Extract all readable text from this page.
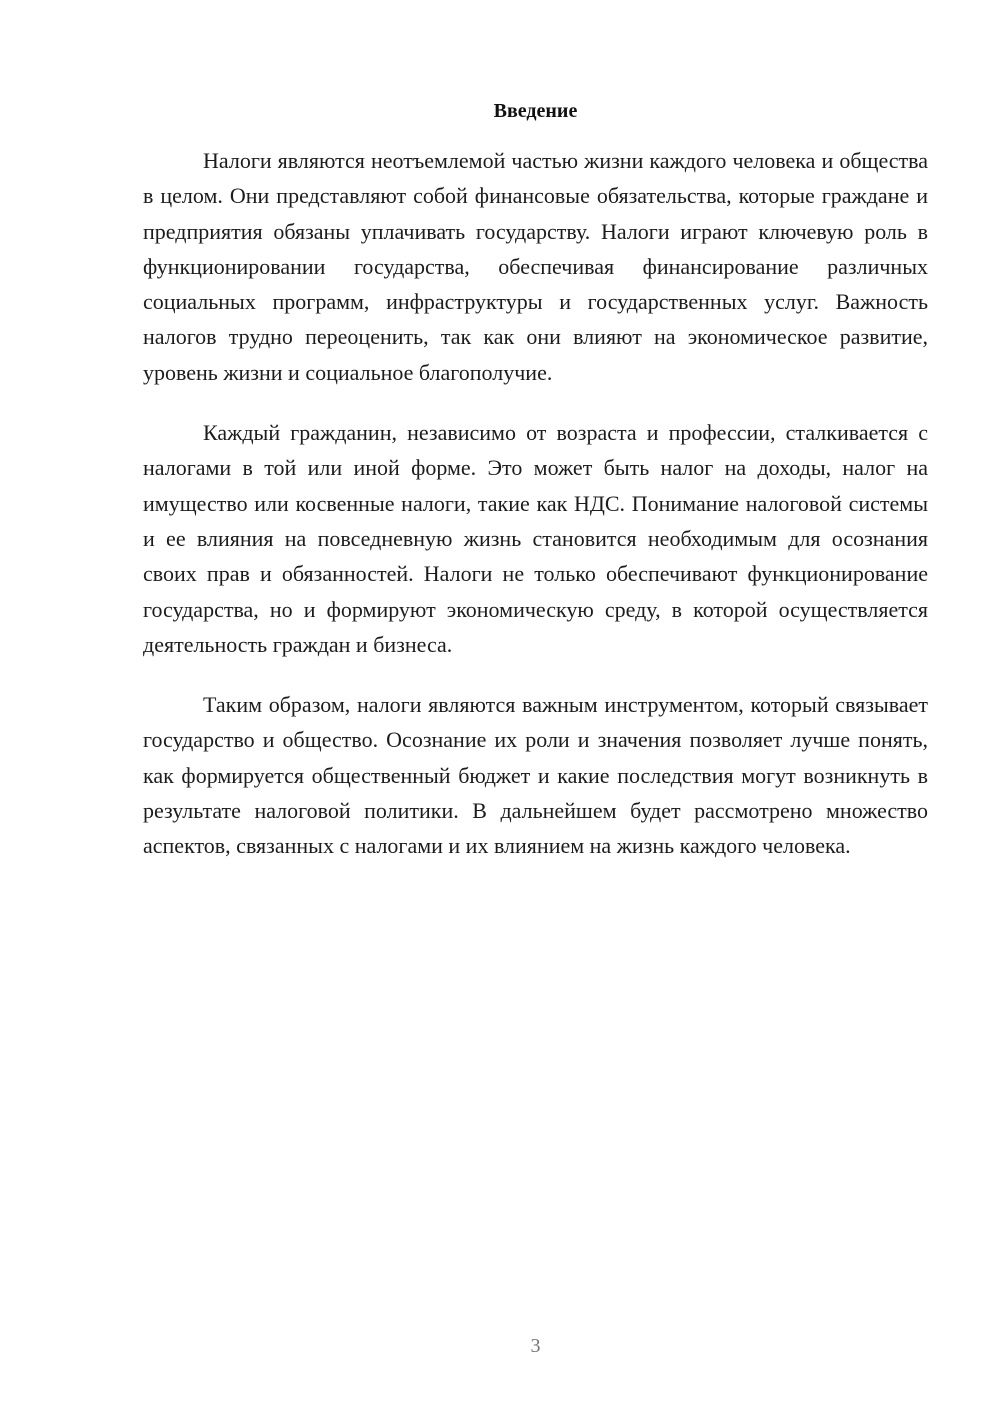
Введение

Налоги являются неотъемлемой частью жизни каждого человека и общества в целом. Они представляют собой финансовые обязательства, которые граждане и предприятия обязаны уплачивать государству. Налоги играют ключевую роль в функционировании государства, обеспечивая финансирование различных социальных программ, инфраструктуры и государственных услуг. Важность налогов трудно переоценить, так как они влияют на экономическое развитие, уровень жизни и социальное благополучие.

Каждый гражданин, независимо от возраста и профессии, сталкивается с налогами в той или иной форме. Это может быть налог на доходы, налог на имущество или косвенные налоги, такие как НДС. Понимание налоговой системы и ее влияния на повседневную жизнь становится необходимым для осознания своих прав и обязанностей. Налоги не только обеспечивают функционирование государства, но и формируют экономическую среду, в которой осуществляется деятельность граждан и бизнеса.

Таким образом, налоги являются важным инструментом, который связывает государство и общество. Осознание их роли и значения позволяет лучше понять, как формируется общественный бюджет и какие последствия могут возникнуть в результате налоговой политики. В дальнейшем будет рассмотрено множество аспектов, связанных с налогами и их влиянием на жизнь каждого человека.

3
